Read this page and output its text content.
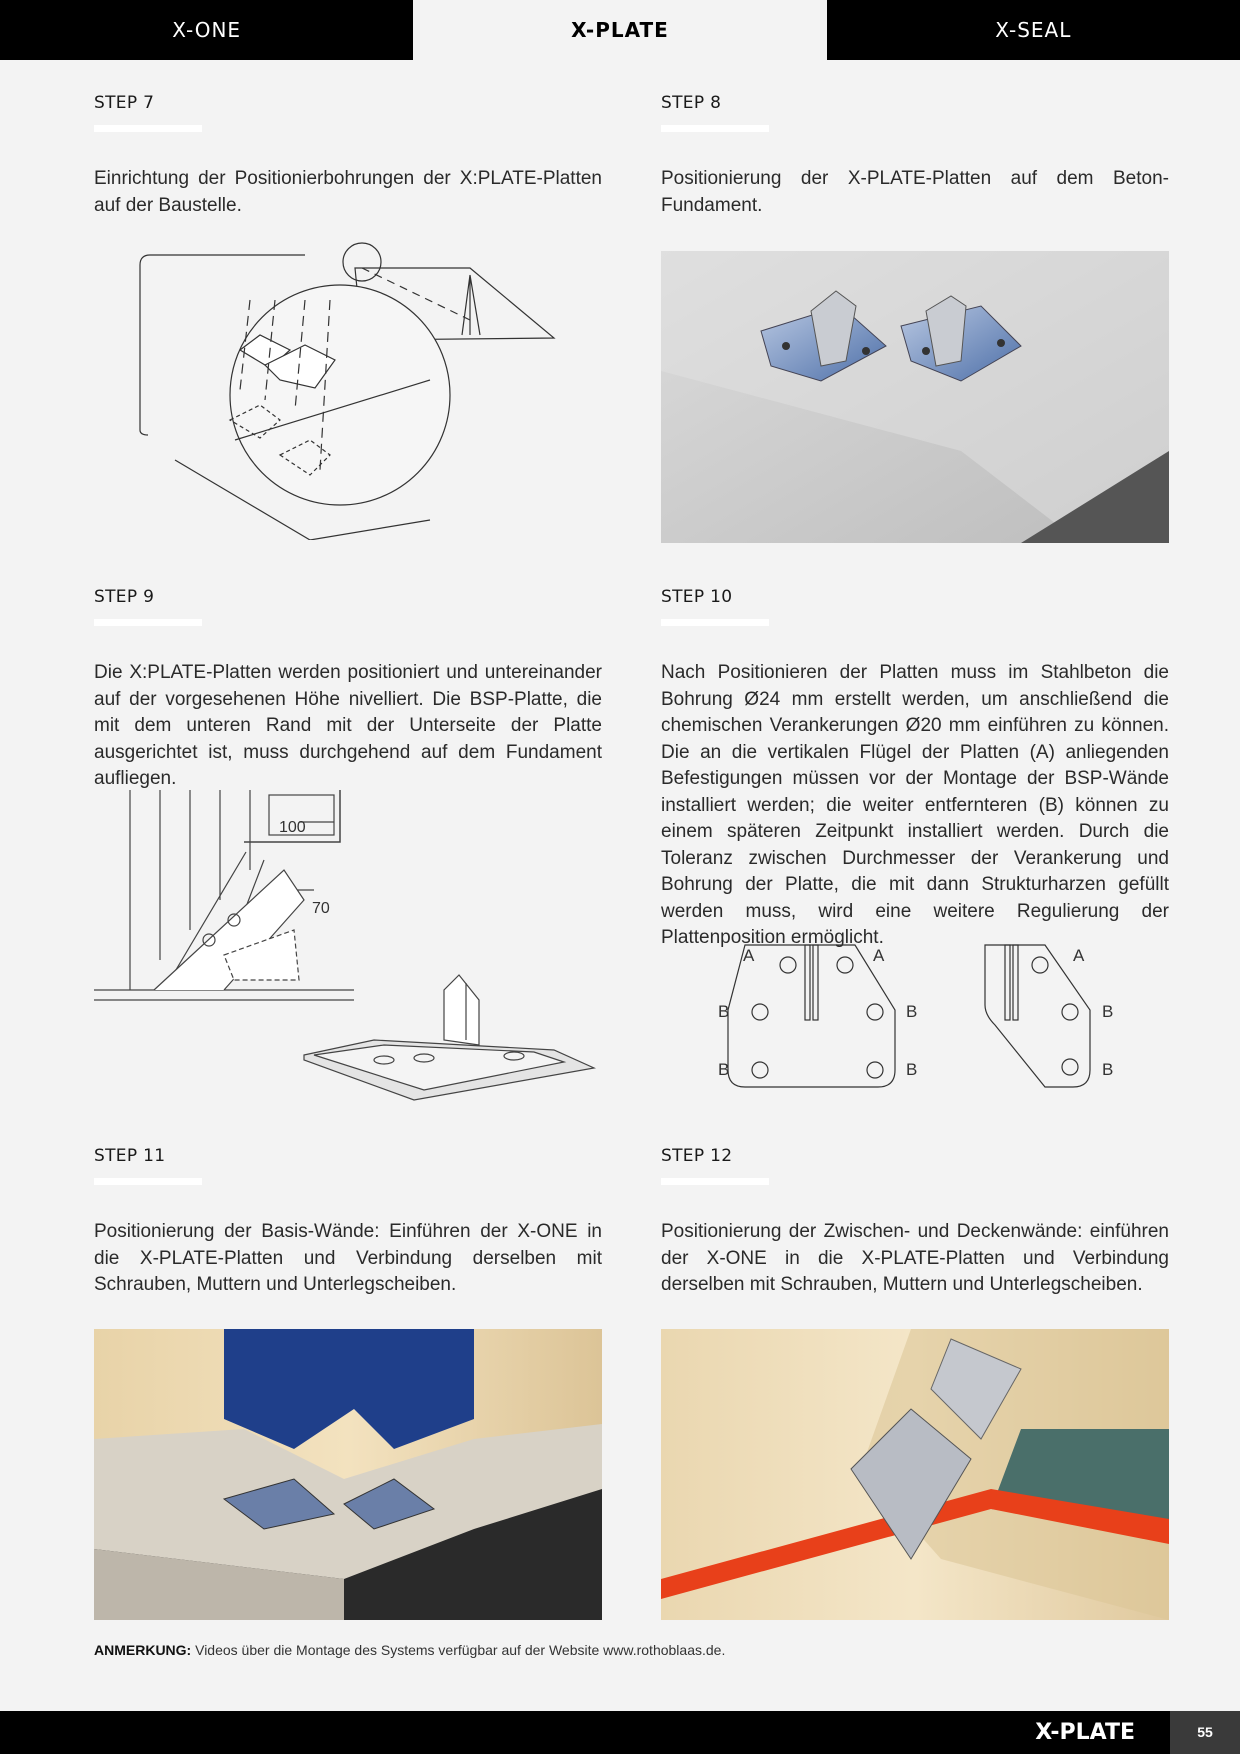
X-ONE	X-PLATE	X-SEAL
STEP 7

Einrichtung der Positionierbohrungen der X:PLATE-Platten auf der Baustelle.

STEP 8

Positionierung der X-PLATE-Platten auf dem Beton-Fundament.

STEP 9

Die X:PLATE-Platten werden positioniert und untereinander auf der vorgesehenen Höhe nivelliert. Die BSP-Platte, die mit dem unteren Rand mit der Unterseite der Platte ausgerichtet ist, muss durchgehend auf dem Fundament aufliegen.

100
70
STEP 10

Nach Positionieren der Platten muss im Stahlbeton die Bohrung Ø24 mm erstellt werden, um anschließend die chemischen Verankerungen Ø20 mm einführen zu können. Die an die vertikalen Flügel der Platten (A) anliegenden Befestigungen müssen vor der Montage der BSP-Wände installiert werden; die weiter entfernteren (B) können zu einem späteren Zeitpunkt installiert werden. Durch die Toleranz zwischen Durchmesser der Verankerung und Bohrung der Platte, die mit dann Strukturharzen gefüllt werden muss, wird eine weitere Regulierung der Plattenposition ermöglicht.

A	A
B	B
B	B
A
B
B
STEP 11

Positionierung der Basis-Wände: Einführen der X-ONE in die X-PLATE-Platten und Verbindung derselben mit Schrauben, Muttern und Unterlegscheiben.

STEP 12

Positionierung der Zwischen- und Deckenwände: einführen der X-ONE in die X-PLATE-Platten und Verbindung derselben mit Schrauben, Muttern und Unterlegscheiben.

ANMERKUNG: Videos über die Montage des Systems verfügbar auf der Website www.rothoblaas.de.
X-PLATE	55
